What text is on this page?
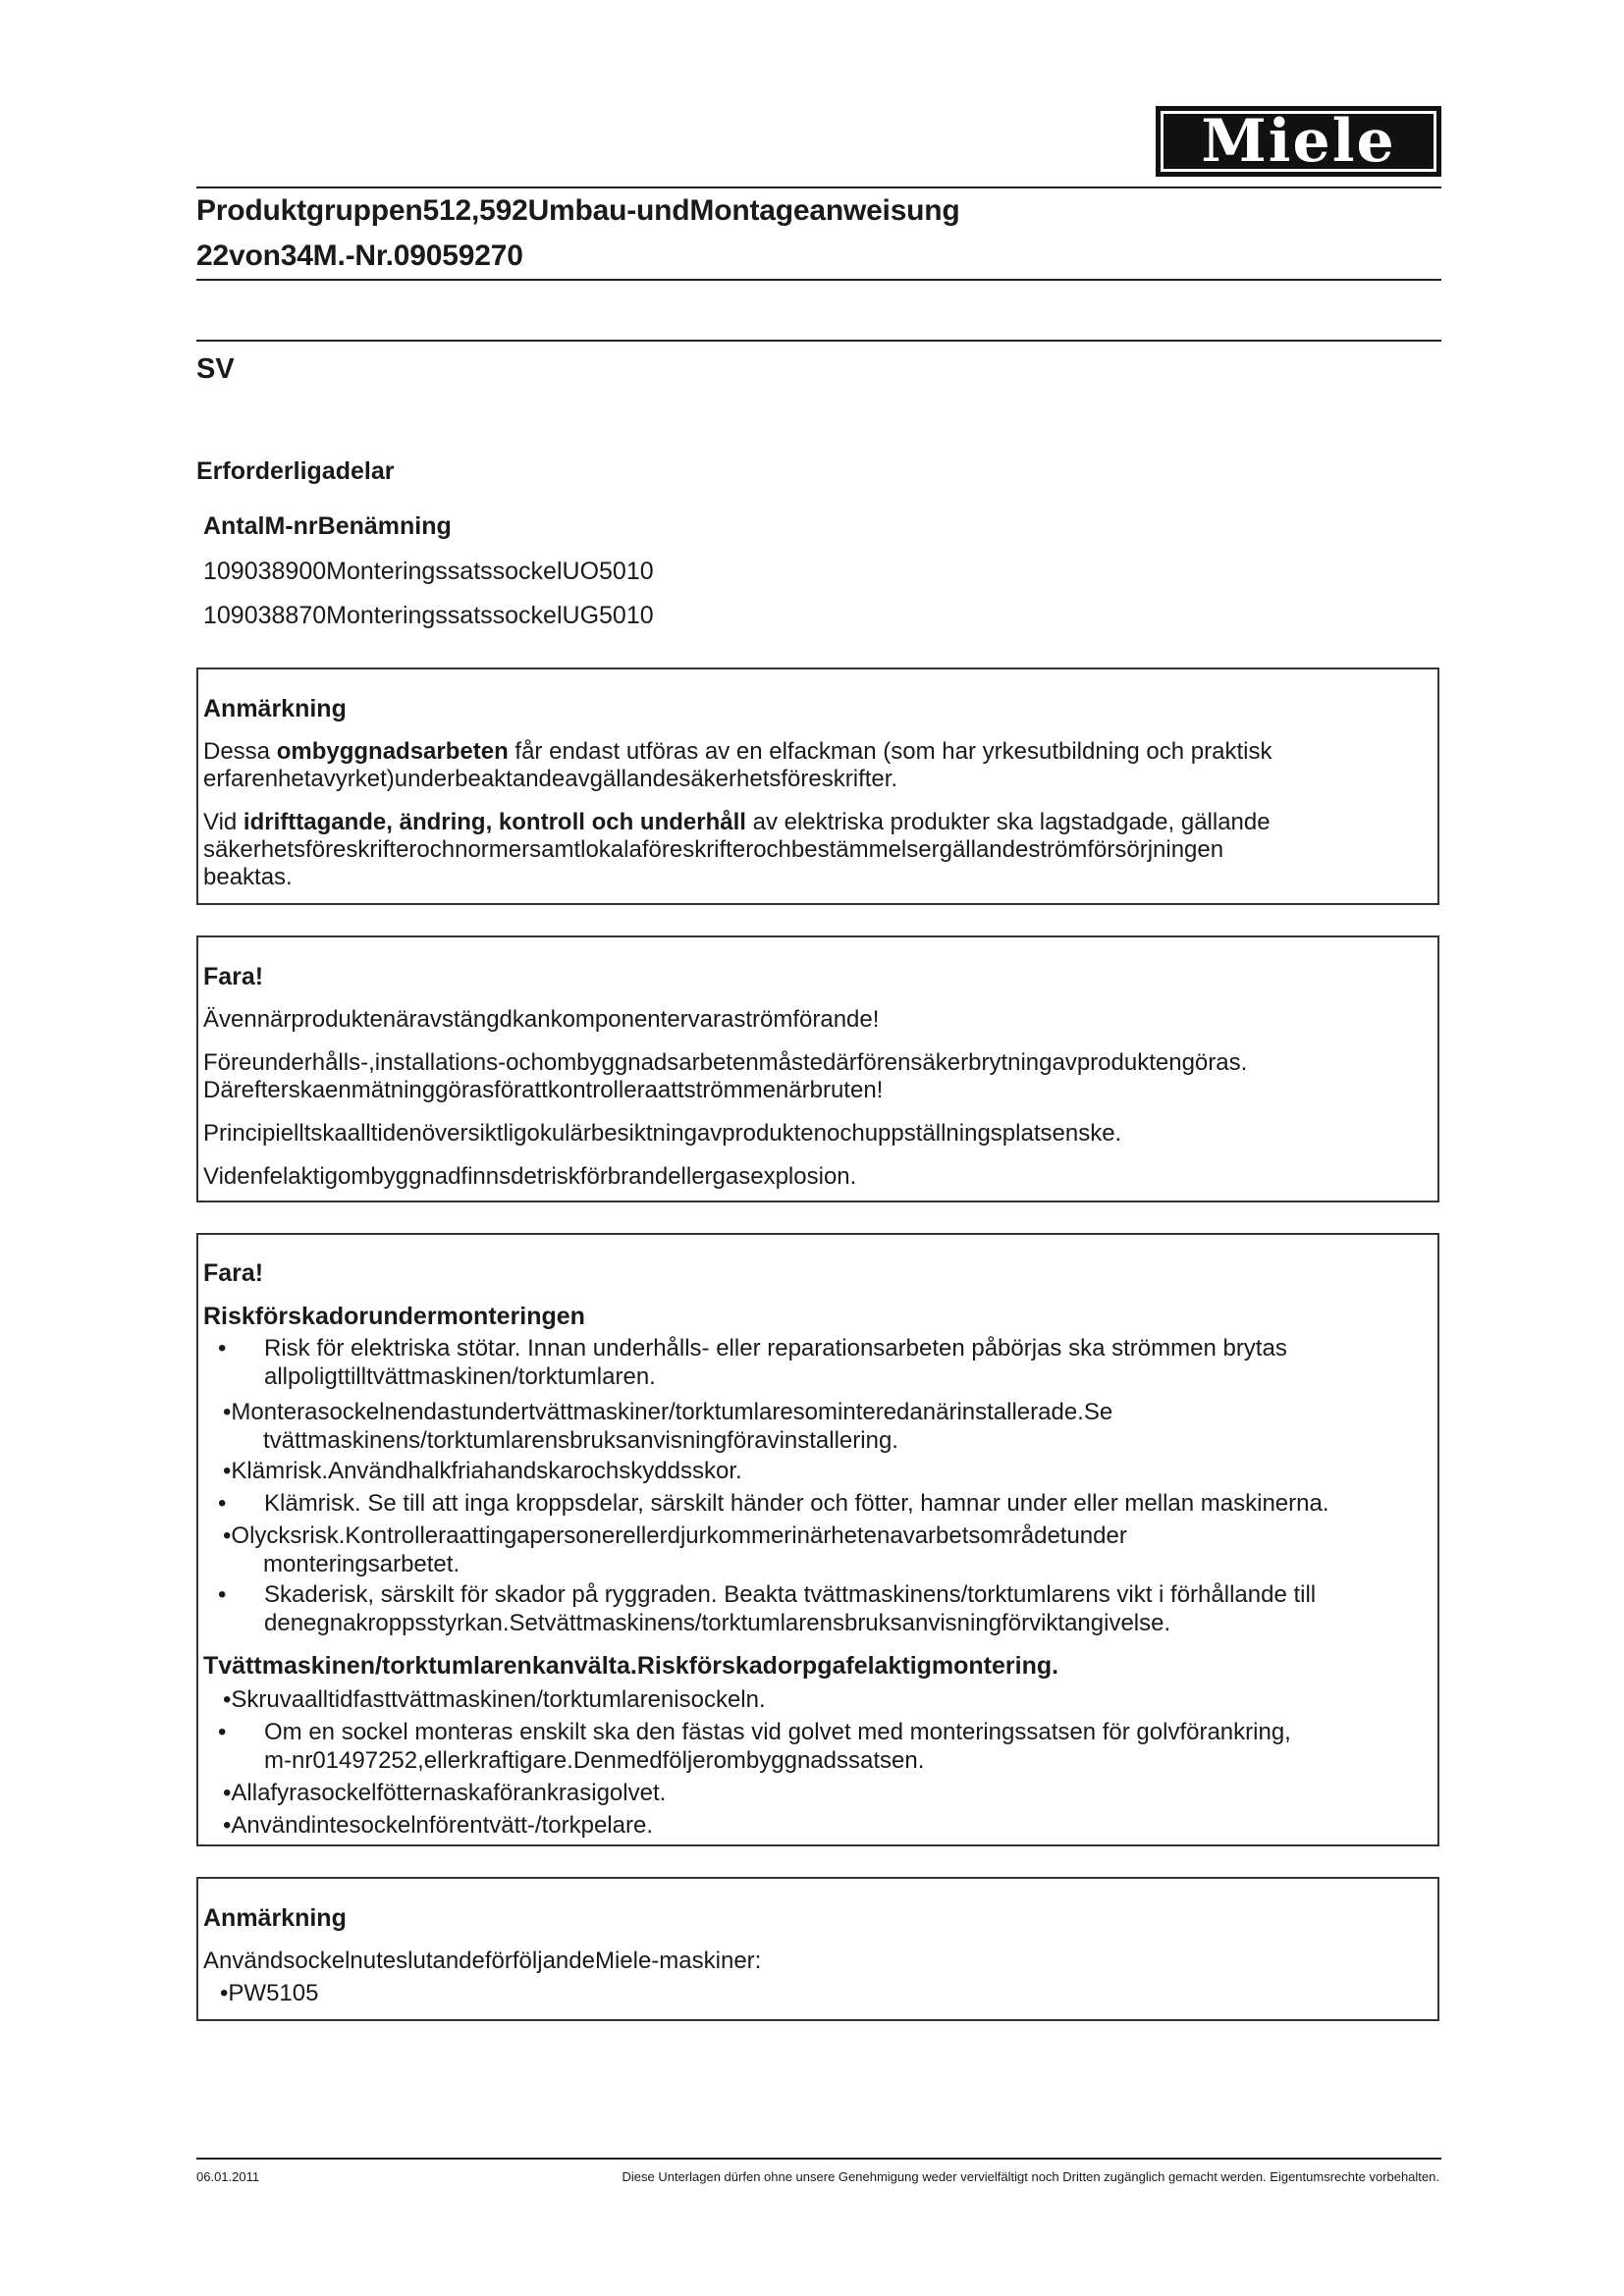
Miele
Produktgruppen512,592Umbau-undMontageanweisung
22von34M.-Nr.09059270
SV
Erforderligadelar
AntalM-nrBenämning
109038900MonteringssatssockelUO5010
109038870MonteringssatssockelUG5010
Anmärkning
Dessa ombyggnadsarbeten får endast utföras av en elfackman (som har yrkesutbildning och praktisk
erfarenhetavyrket)underbeaktandeavgällandesäkerhetsföreskrifter.
Vid idrifttagande, ändring, kontroll och underhåll av elektriska produkter ska lagstadgade, gällande
säkerhetsföreskrifterochnormersamtlokalaföreskrifterochbestämmelsergällandeströmförsörjningen
beaktas.
Fara!
Ävennärproduktenäravstängdkankomponentervaraströmförande!
Föreunderhålls-,installations-ochombyggnadsarbetenmåstedärförensäkerbrytningavproduktengöras.
Därefterskaenmätninggörasförattkontrolleraattströmmenärbruten!
Principielltskaalltidenöversiktligokulärbesiktningavproduktenochuppställningsplatsenske.
Videnfelaktigombyggnadfinnsdetriskförbrandellergasexplosion.
Fara!
Riskförskadorundermonteringen
• Risk för elektriska stötar. Innan underhålls- eller reparationsarbeten påbörjas ska strömmen brytas
allpoligttilltvättmaskinen/torktumlaren.
•Monterasockelnendastundertvättmaskiner/torktumlaresominteredanärinstallerade.Se

tvättmaskinens/torktumlarensbruksanvisningföravinstallering.
•Klämrisk.Användhalkfriahandskarochskyddsskor.
• Klämrisk. Se till att inga kroppsdelar, särskilt händer och fötter, hamnar under eller mellan maskinerna.
•Olycksrisk.Kontrolleraattingapersonerellerdjurkommerinärhetenavarbetsområdetunder

monteringsarbetet.
• Skaderisk, särskilt för skador på ryggraden. Beakta tvättmaskinens/torktumlarens vikt i förhållande till
denegnakroppsstyrkan.Setvättmaskinens/torktumlarensbruksanvisningförviktangivelse.
Tvättmaskinen/torktumlarenkanvälta.Riskförskadorpgafelaktigmontering.
•Skruvaalltidfasttvättmaskinen/torktumlarenisockeln.
• Om en sockel monteras enskilt ska den fästas vid golvet med monteringssatsen för golvförankring,
m-nr01497252,ellerkraftigare.Denmedföljerombyggnadssatsen.
•Allafyrasockelfötternaskaförankrasigolvet.
•Användintesockelnförentvätt-/torkpelare.
Anmärkning
AnvändsockelnuteslutandeförföljandeMiele-maskiner:
•PW5105
06.01.2011	Diese Unterlagen dürfen ohne unsere Genehmigung weder vervielfältigt noch Dritten zugänglich gemacht werden. Eigentumsrechte vorbehalten.
